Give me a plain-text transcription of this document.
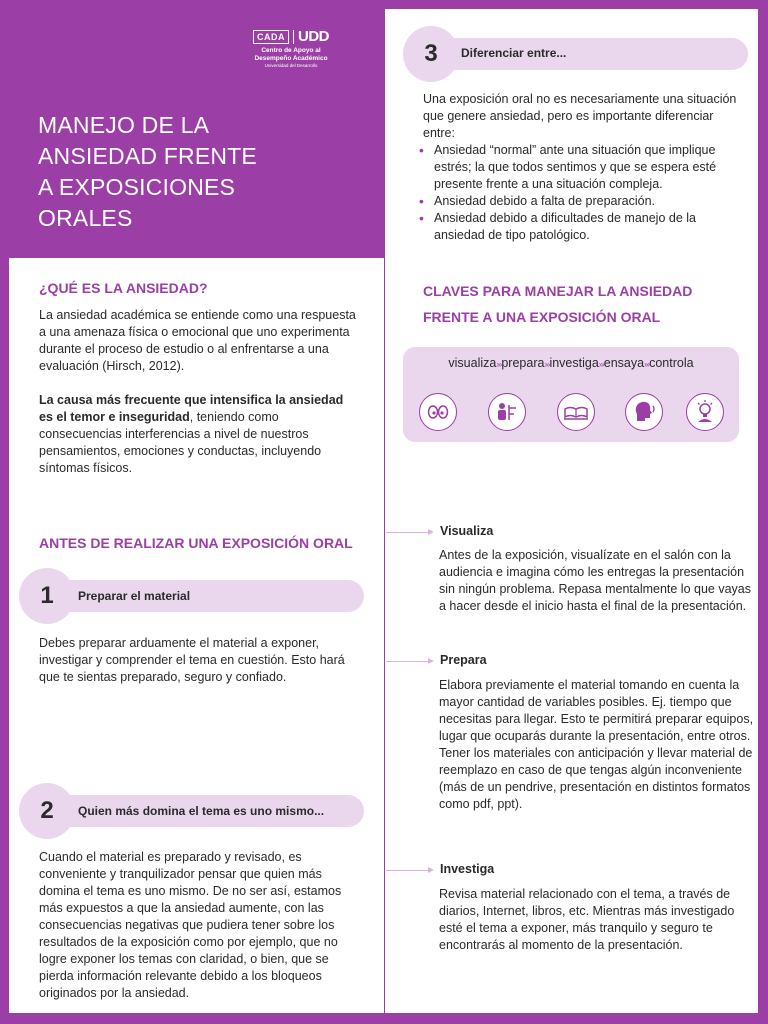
CADA UDD
Centro de Apoyo al
Desempeño Académico
Universidad del Desarrollo
MANEJO DE LA
ANSIEDAD FRENTE
A EXPOSICIONES
ORALES
¿QUÉ ES LA ANSIEDAD?
La ansiedad académica se entiende como una respuesta a una amenaza física o emocional que uno experimenta durante el proceso de estudio o al enfrentarse a una evaluación (Hirsch, 2012).
La causa más frecuente que intensifica la ansiedad es el temor e inseguridad, teniendo como consecuencias interferencias a nivel de nuestros pensamientos, emociones y conductas, incluyendo síntomas físicos.
ANTES DE REALIZAR UNA EXPOSICIÓN ORAL
1	Preparar el material
Debes preparar arduamente el material a exponer, investigar y comprender el tema en cuestión. Esto hará que te sientas preparado, seguro y confiado.
2	Quien más domina el tema es uno mismo...
Cuando el material es preparado y revisado, es conveniente y tranquilizador pensar que quien más domina el tema es uno mismo. De no ser así, estamos más expuestos a que la ansiedad aumente, con las consecuencias negativas que pudiera tener sobre los resultados de la exposición como por ejemplo, que no logre exponer los temas con claridad, o bien, que se pierda información relevante debido a los bloqueos originados por la ansiedad.
3	Diferenciar entre...
Una exposición oral no es necesariamente una situación que genere ansiedad, pero es importante diferenciar entre:
• Ansiedad “normal” ante una situación que implique estrés; la que todos sentimos y que se espera esté presente frente a una situación compleja.
• Ansiedad debido a falta de preparación.
• Ansiedad debido a dificultades de manejo de la ansiedad de tipo patológico.
CLAVES PARA MANEJAR LA ANSIEDAD
FRENTE A UNA EXPOSICIÓN ORAL
visualiza›››prepara›››investiga›››ensaya›››controla
Visualiza
Antes de la exposición, visualízate en el salón con la audiencia e imagina cómo les entregas la presentación sin ningún problema. Repasa mentalmente lo que vayas a hacer desde el inicio hasta el final de la presentación.
Prepara
Elabora previamente el material tomando en cuenta la mayor cantidad de variables posibles. Ej. tiempo que necesitas para llegar. Esto te permitirá preparar equipos, lugar que ocuparás durante la presentación, entre otros. Tener los materiales con anticipación y llevar material de reemplazo en caso de que tengas algún inconveniente (más de un pendrive, presentación en distintos formatos como pdf, ppt).
Investiga
Revisa material relacionado con el tema, a través de diarios, Internet, libros, etc. Mientras más investigado esté el tema a exponer, más tranquilo y seguro te encontrarás al momento de la presentación.
